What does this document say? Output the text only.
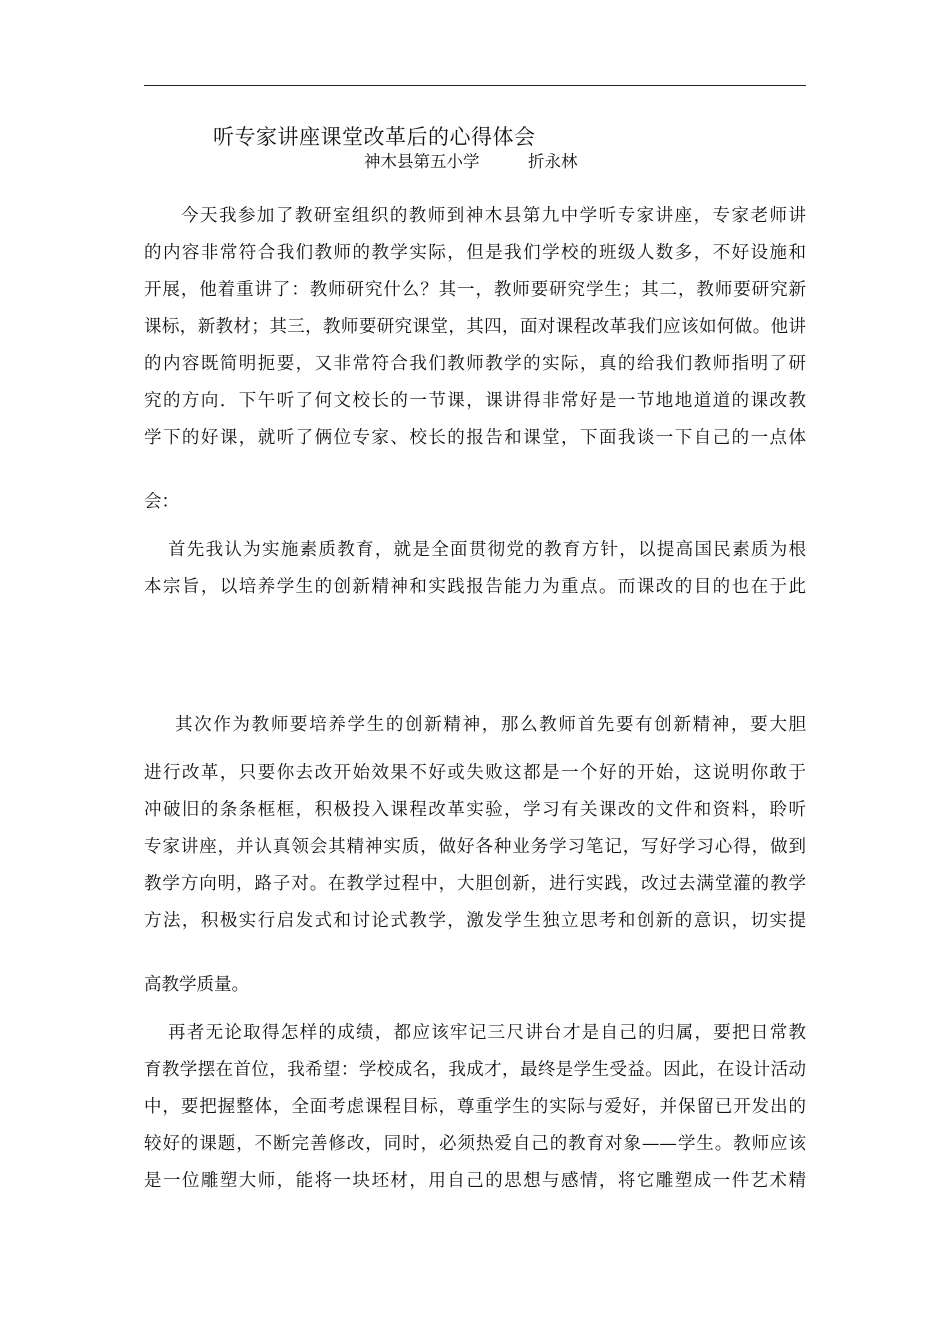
听专家讲座课堂改革后的心得体会
神木县第五小学	折永林
今天我参加了教研室组织的教师到神木县第九中学听专家讲座，专家老师讲
的内容非常符合我们教师的教学实际，但是我们学校的班级人数多，不好设施和
开展，他着重讲了：教师研究什么？其一，教师要研究学生；其二，教师要研究新
课标，新教材；其三，教师要研究课堂，其四，面对课程改革我们应该如何做。他讲
的内容既简明扼要，又非常符合我们教师教学的实际，真的给我们教师指明了研
究的方向．下午听了何文校长的一节课，课讲得非常好是一节地地道道的课改教
学下的好课，就听了俩位专家、校长的报告和课堂，下面我谈一下自己的一点体
会：
首先我认为实施素质教育，就是全面贯彻党的教育方针，以提高国民素质为根
本宗旨，以培养学生的创新精神和实践报告能力为重点。而课改的目的也在于此
其次作为教师要培养学生的创新精神，那么教师首先要有创新精神，要大胆
进行改革，只要你去改开始效果不好或失败这都是一个好的开始，这说明你敢于
冲破旧的条条框框，积极投入课程改革实验，学习有关课改的文件和资料，聆听
专家讲座，并认真领会其精神实质，做好各种业务学习笔记，写好学习心得，做到
教学方向明，路子对。在教学过程中，大胆创新，进行实践，改过去满堂灌的教学
方法，积极实行启发式和讨论式教学，激发学生独立思考和创新的意识，切实提
高教学质量。
再者无论取得怎样的成绩，都应该牢记三尺讲台才是自己的归属，要把日常教
育教学摆在首位，我希望：学校成名，我成才，最终是学生受益。因此，在设计活动
中，要把握整体，全面考虑课程目标，尊重学生的实际与爱好，并保留已开发出的
较好的课题，不断完善修改，同时，必须热爱自己的教育对象——学生。教师应该
是一位雕塑大师，能将一块坯材，用自己的思想与感情，将它雕塑成一件艺术精
